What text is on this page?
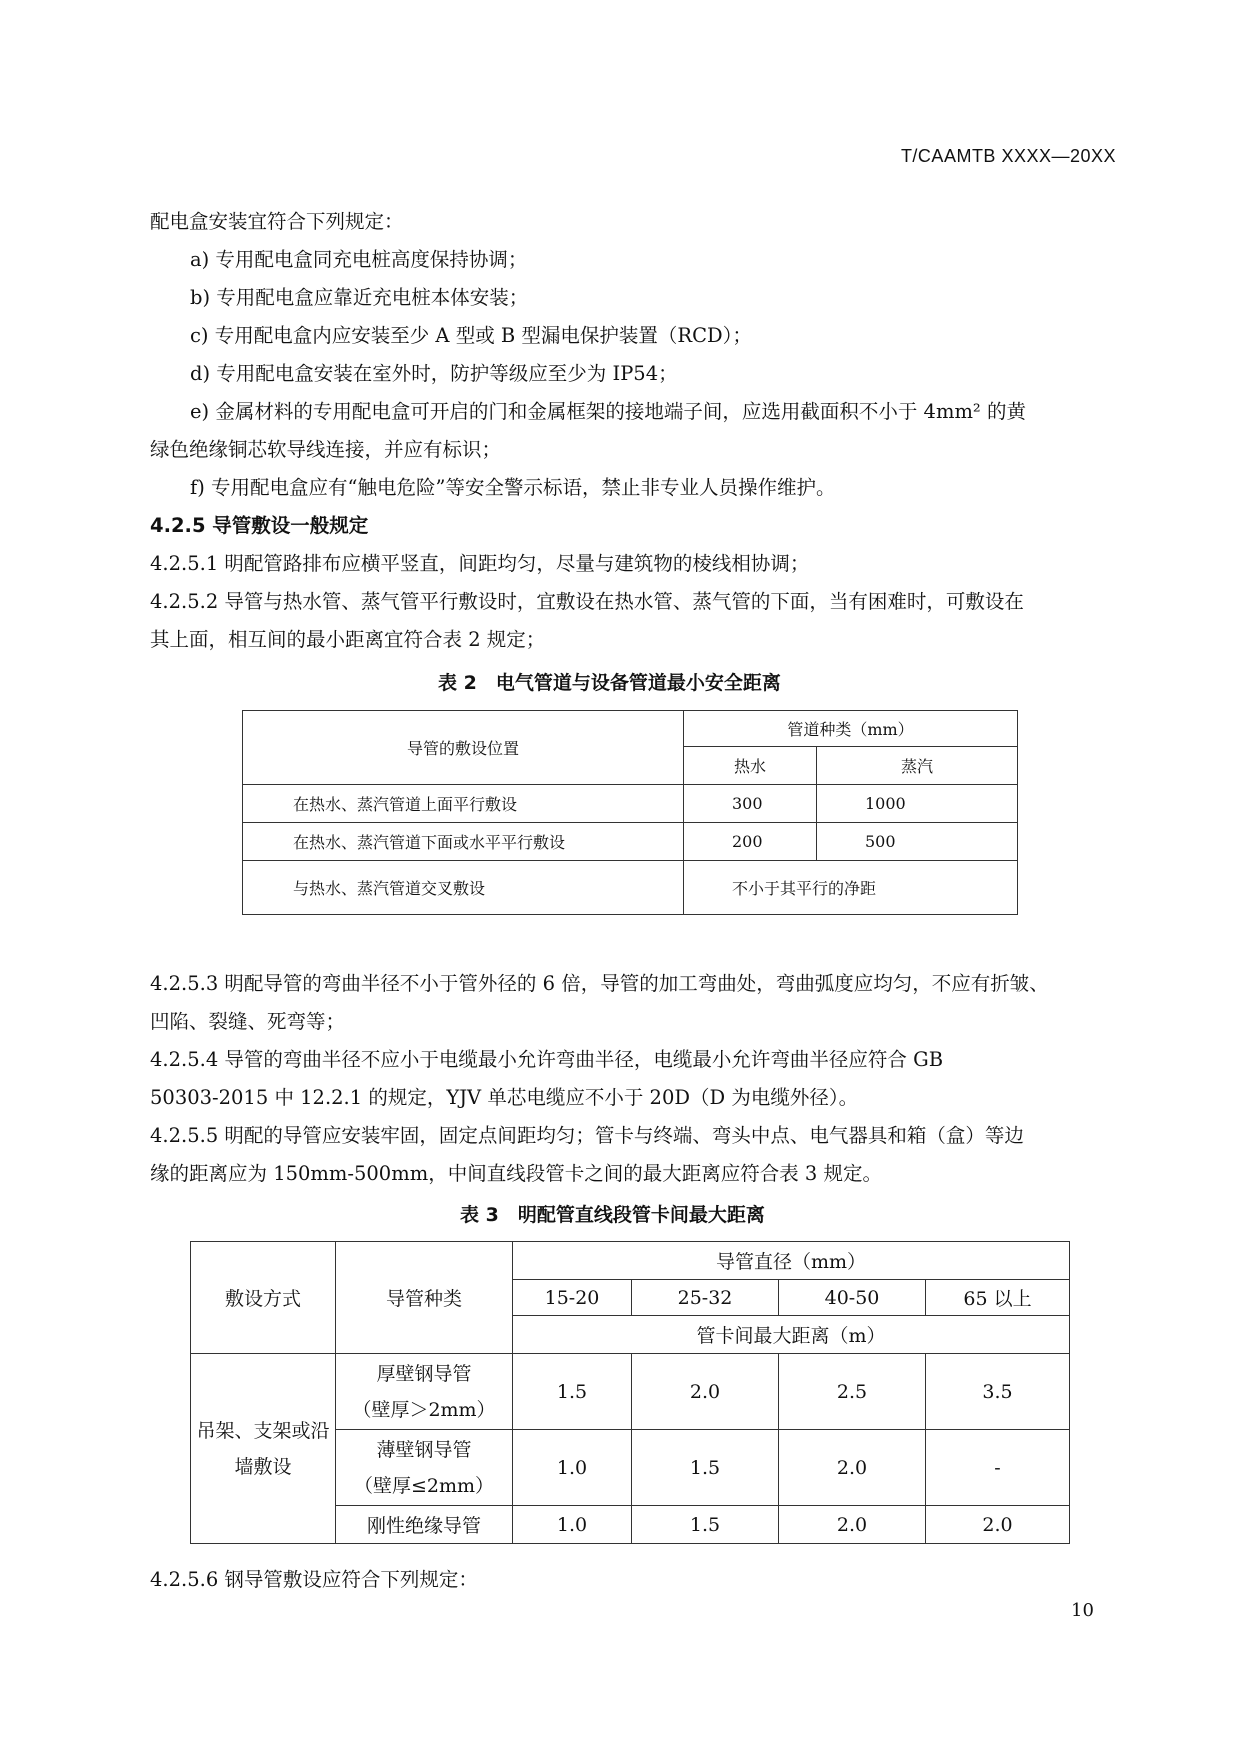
T/CAAMTB XXXX—20XX
配电盒安装宜符合下列规定：
a) 专用配电盒同充电桩高度保持协调；
b) 专用配电盒应靠近充电桩本体安装；
c) 专用配电盒内应安装至少 A 型或 B 型漏电保护装置（RCD）；
d) 专用配电盒安装在室外时，防护等级应至少为 IP54；
e) 金属材料的专用配电盒可开启的门和金属框架的接地端子间，应选用截面积不小于 4mm² 的黄
绿色绝缘铜芯软导线连接，并应有标识；
f) 专用配电盒应有“触电危险”等安全警示标语，禁止非专业人员操作维护。
4.2.5 导管敷设一般规定
4.2.5.1 明配管路排布应横平竖直，间距均匀，尽量与建筑物的棱线相协调；
4.2.5.2 导管与热水管、蒸气管平行敷设时，宜敷设在热水管、蒸气管的下面，当有困难时，可敷设在
其上面，相互间的最小距离宜符合表 2 规定；
表 2　电气管道与设备管道最小安全距离
导管的敷设位置	管道种类（mm）	
	热水	蒸汽
在热水、蒸汽管道上面平行敷设	300	1000
在热水、蒸汽管道下面或水平平行敷设	200	500
与热水、蒸汽管道交叉敷设	不小于其平行的净距	
4.2.5.3 明配导管的弯曲半径不小于管外径的 6 倍，导管的加工弯曲处，弯曲弧度应均匀，不应有折皱、
凹陷、裂缝、死弯等；
4.2.5.4 导管的弯曲半径不应小于电缆最小允许弯曲半径，电缆最小允许弯曲半径应符合 GB
50303-2015 中 12.2.1 的规定，YJV 单芯电缆应不小于 20D（D 为电缆外径）。
4.2.5.5 明配的导管应安装牢固，固定点间距均匀；管卡与终端、弯头中点、电气器具和箱（盒）等边
缘的距离应为 150mm-500mm，中间直线段管卡之间的最大距离应符合表 3 规定。
表 3　明配管直线段管卡间最大距离
敷设方式	导管种类	导管直径（mm）			
		15-20	25-32	40-50	65 以上
		管卡间最大距离（m）			
吊架、支架或沿墙敷设	厚壁钢导管
（壁厚＞2mm）	1.5	2.0	2.5	3.5
	薄壁钢导管
（壁厚≤2mm）	1.0	1.5	2.0	-
	刚性绝缘导管	1.0	1.5	2.0	2.0
4.2.5.6 钢导管敷设应符合下列规定：
10
